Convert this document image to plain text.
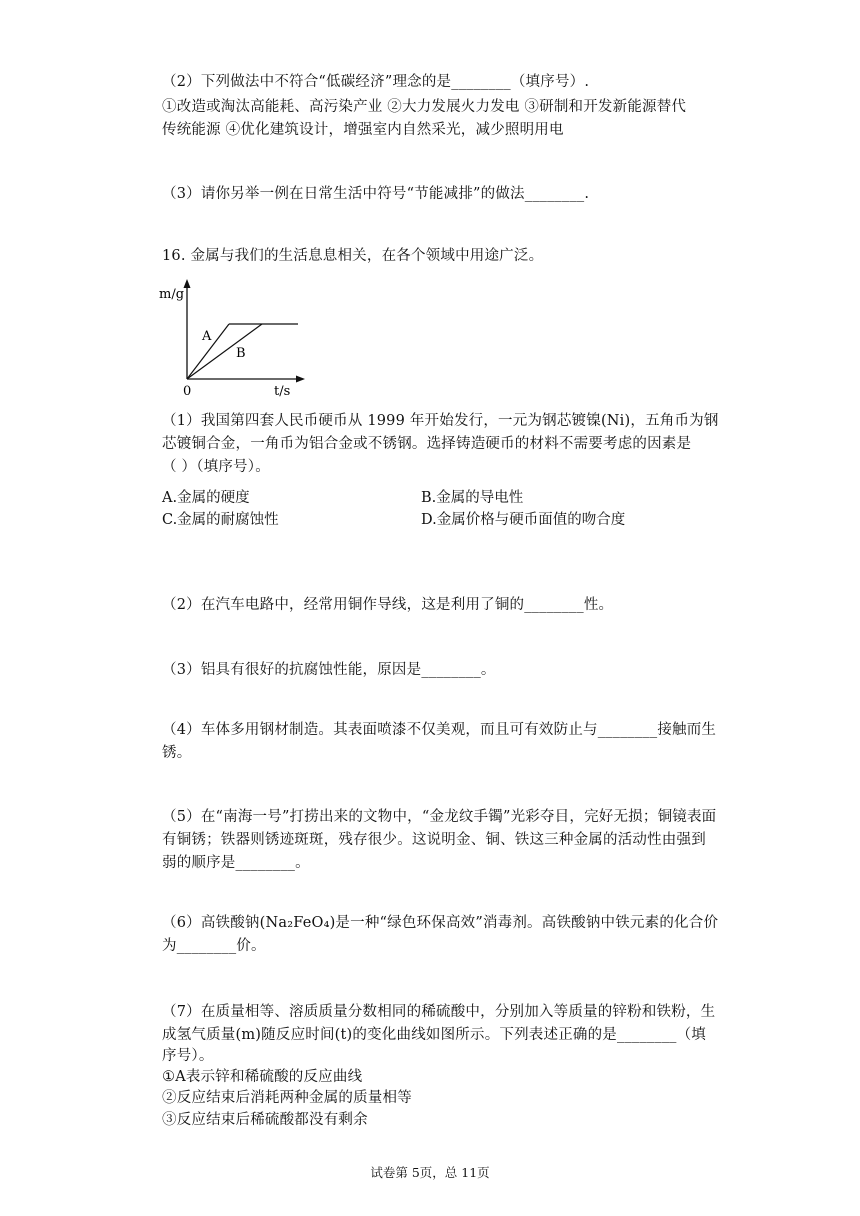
（2）下列做法中不符合“低碳经济”理念的是________（填序号）.
①改造或淘汰高能耗、高污染产业 ②大力发展火力发电 ③研制和开发新能源替代
传统能源 ④优化建筑设计，增强室内自然采光，减少照明用电
（3）请你另举一例在日常生活中符号“节能减排”的做法________.
16. 金属与我们的生活息息相关，在各个领域中用途广泛。
m/g
t/s
0
A
B
（1）我国第四套人民币硬币从 1999 年开始发行，一元为钢芯镀镍(Ni)，五角币为钢
芯镀铜合金，一角币为铝合金或不锈钢。选择铸造硬币的材料不需要考虑的因素是
（ ）（填序号）。
A.金属的硬度	B.金属的导电性
C.金属的耐腐蚀性	D.金属价格与硬币面值的吻合度
（2）在汽车电路中，经常用铜作导线，这是利用了铜的________性。
（3）铝具有很好的抗腐蚀性能，原因是________。
（4）车体多用钢材制造。其表面喷漆不仅美观，而且可有效防止与________接触而生
锈。
（5）在“南海一号”打捞出来的文物中，“金龙纹手镯”光彩夺目，完好无损；铜镜表面
有铜锈；铁器则锈迹斑斑，残存很少。这说明金、铜、铁这三种金属的活动性由强到
弱的顺序是________。
（6）高铁酸钠(Na₂FeO₄)是一种“绿色环保高效”消毒剂。高铁酸钠中铁元素的化合价
为________价。
（7）在质量相等、溶质质量分数相同的稀硫酸中，分别加入等质量的锌粉和铁粉，生
成氢气质量(m)随反应时间(t)的变化曲线如图所示。下列表述正确的是________（填
序号）。
①A表示锌和稀硫酸的反应曲线
②反应结束后消耗两种金属的质量相等
③反应结束后稀硫酸都没有剩余
试卷第 5页，总 11页
